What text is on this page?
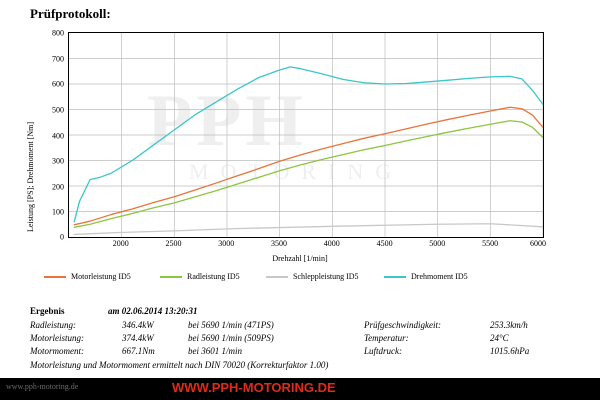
Prüfprotokoll:
Leistung [PS]; Drehmoment [Nm]
800
700
600
500
400
300
200
100
0
PPH
MOTORING
2000	2500	3000	3500	4000	4500	5000	5500	6000
Drehzahl [1/min]
Motorleistung ID5	Radleistung ID5	Schleppleistung ID5	Drehmoment ID5
Ergebnis	am 02.06.2014 13:20:31
Radleistung:	346.4kW	bei 5690 1/min (471PS)	Prüfgeschwindigkeit:	253.3km/h
Motorleistung:	374.4kW	bei 5690 1/min (509PS)	Temperatur:	24°C
Motormoment:	667.1Nm	bei 3601 1/min	Luftdruck:	1015.6hPa
Motorleistung und Motormoment ermittelt nach DIN 70020 (Korrekturfaktor 1.00)
www.pph-motoring.de	WWW.PPH-MOTORING.DE
